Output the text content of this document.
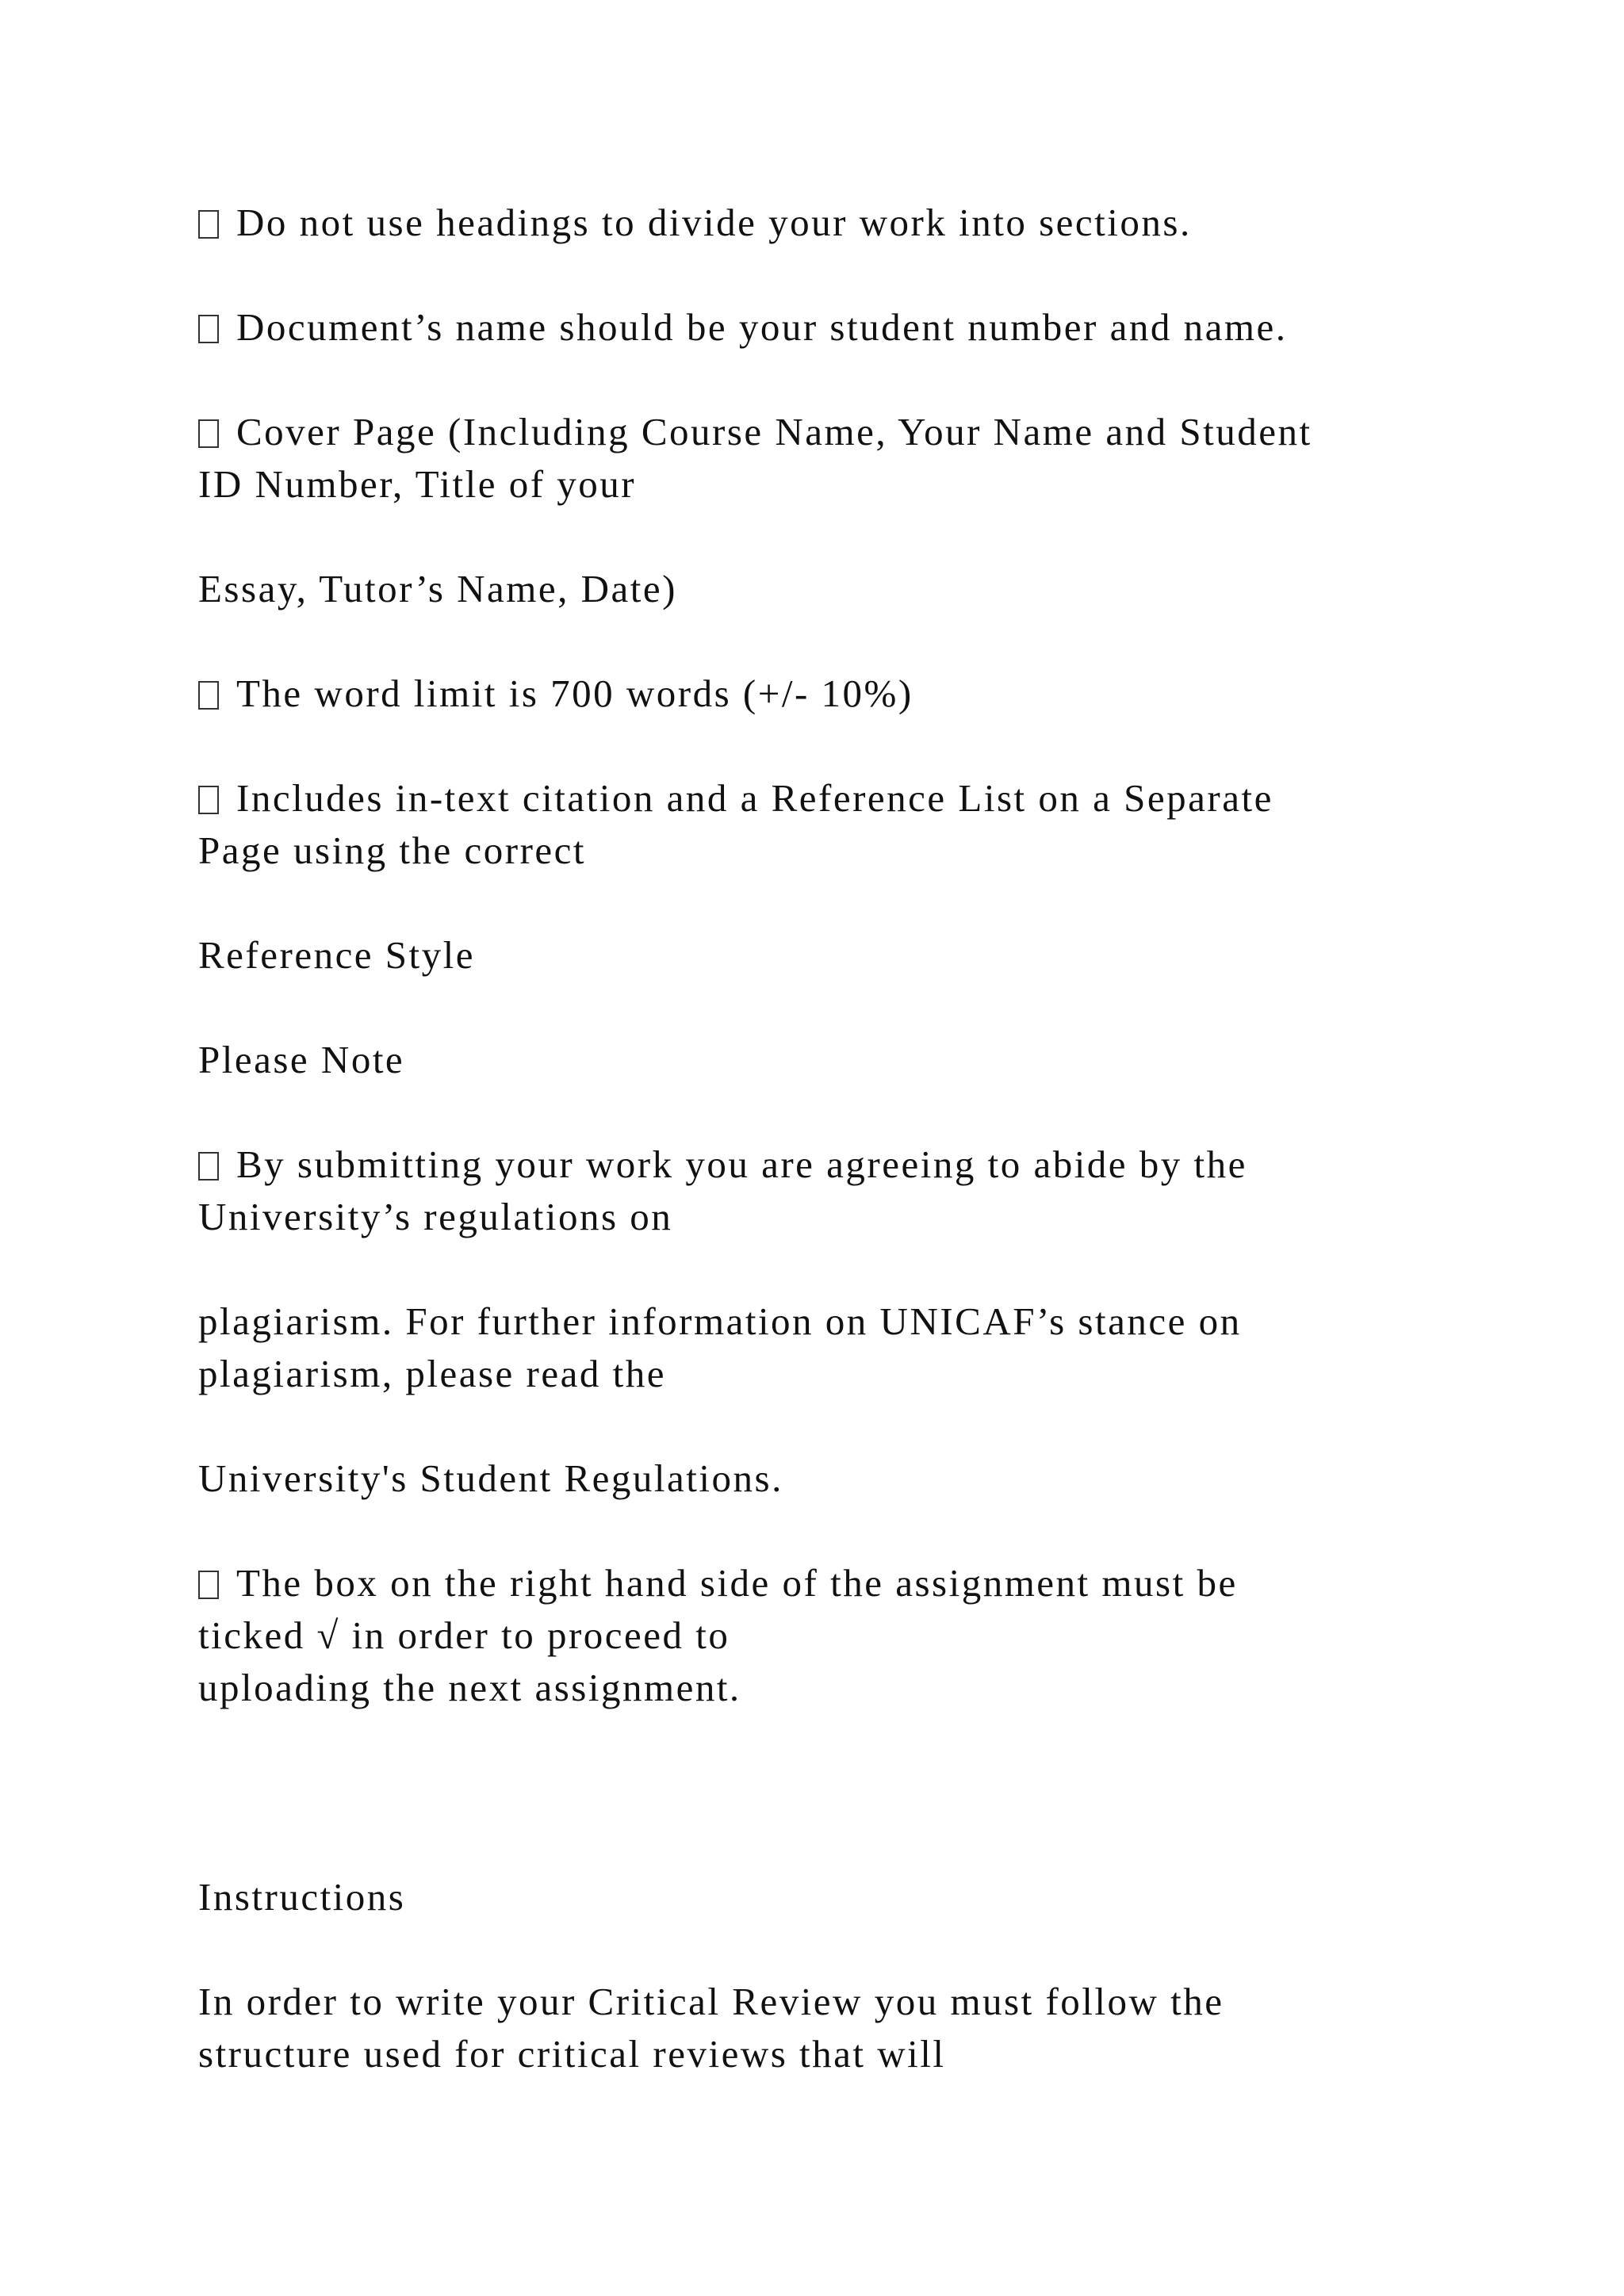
Do not use headings to divide your work into sections.
Document’s name should be your student number and name.
Cover Page (Including Course Name, Your Name and Student
ID Number, Title of your
Essay, Tutor’s Name, Date)
The word limit is 700 words (+/- 10%)
Includes in-text citation and a Reference List on a Separate
Page using the correct
Reference Style
Please Note
By submitting your work you are agreeing to abide by the
University’s regulations on
plagiarism. For further information on UNICAF’s stance on
plagiarism, please read the
University's Student Regulations.
The box on the right hand side of the assignment must be
ticked √ in order to proceed to
uploading the next assignment.
Instructions
In order to write your Critical Review you must follow the
structure used for critical reviews that will
